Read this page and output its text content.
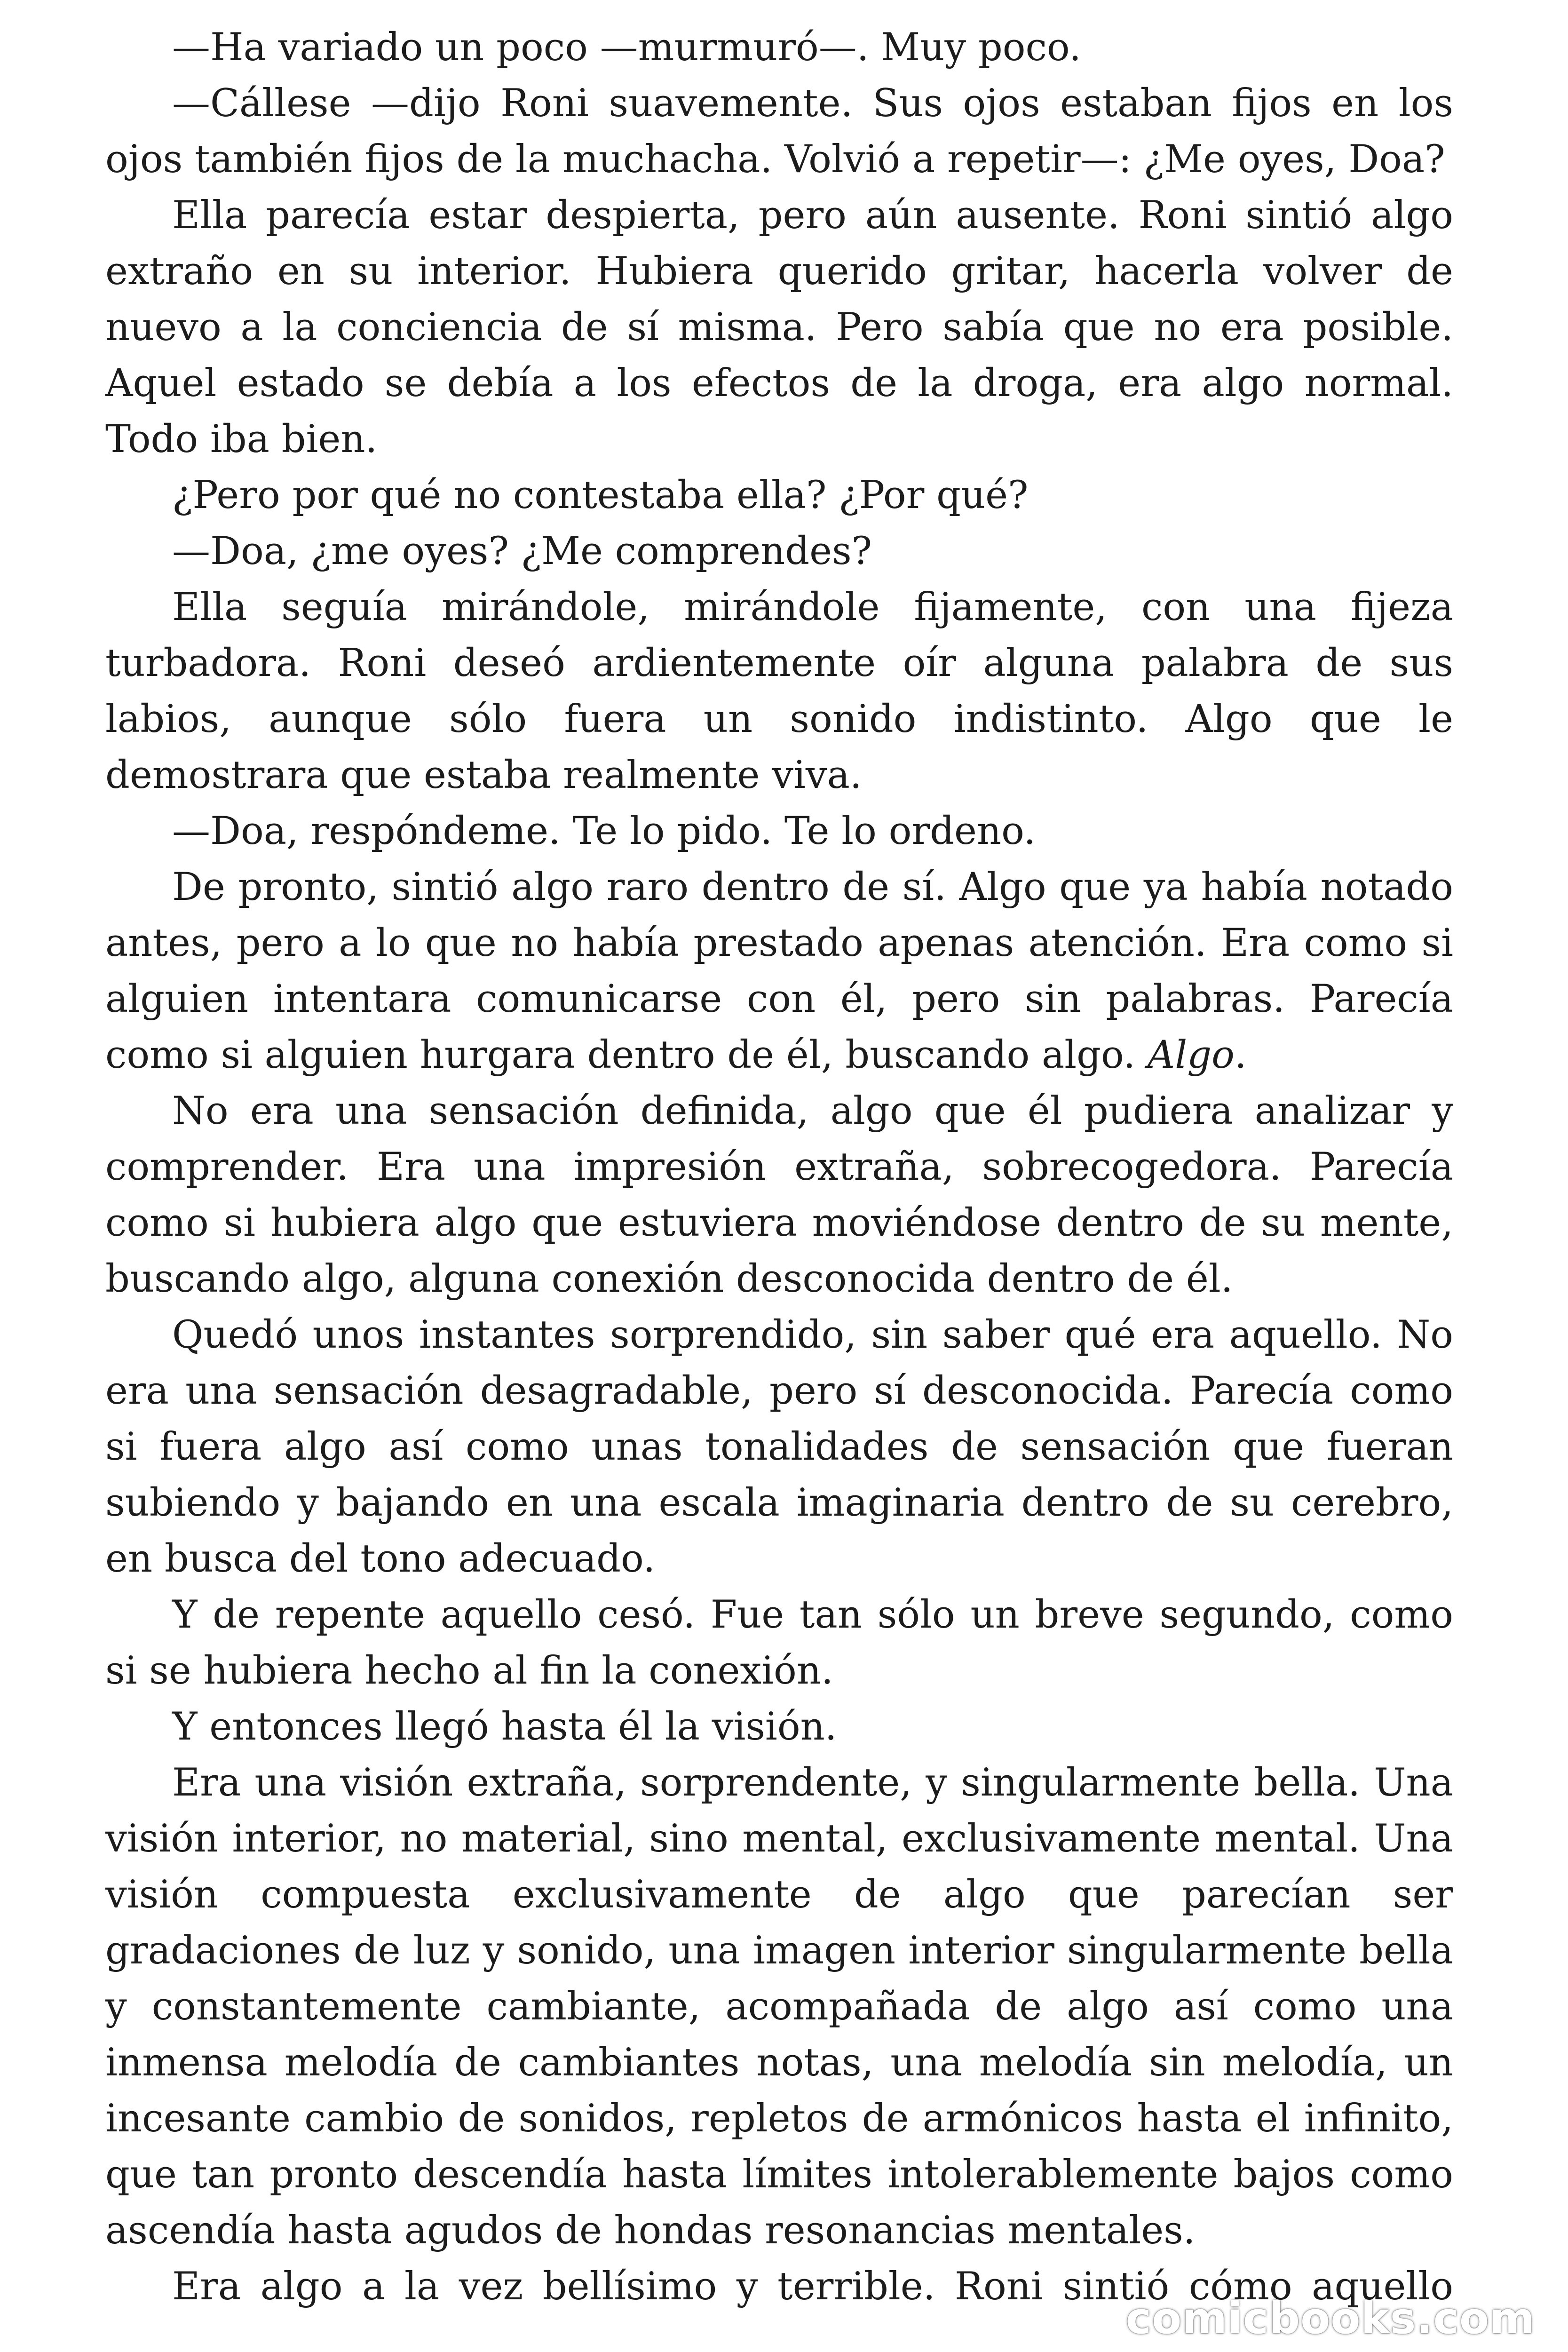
—Ha variado un poco —murmuró—. Muy poco.

—Cállese —dijo Roni suavemente. Sus ojos estaban fijos en los ojos también fijos de la muchacha. Volvió a repetir—: ¿Me oyes, Doa?

Ella parecía estar despierta, pero aún ausente. Roni sintió algo extraño en su interior. Hubiera querido gritar, hacerla volver de nuevo a la conciencia de sí misma. Pero sabía que no era posible. Aquel estado se debía a los efectos de la droga, era algo normal. Todo iba bien.

¿Pero por qué no contestaba ella? ¿Por qué?

—Doa, ¿me oyes? ¿Me comprendes?

Ella seguía mirándole, mirándole fijamente, con una fijeza turbadora. Roni deseó ardientemente oír alguna palabra de sus labios, aunque sólo fuera un sonido indistinto. Algo que le demostrara que estaba realmente viva.

—Doa, respóndeme. Te lo pido. Te lo ordeno.

De pronto, sintió algo raro dentro de sí. Algo que ya había notado antes, pero a lo que no había prestado apenas atención. Era como si alguien intentara comunicarse con él, pero sin palabras. Parecía como si alguien hurgara dentro de él, buscando algo. Algo.

No era una sensación definida, algo que él pudiera analizar y comprender. Era una impresión extraña, sobrecogedora. Parecía como si hubiera algo que estuviera moviéndose dentro de su mente, buscando algo, alguna conexión desconocida dentro de él.

Quedó unos instantes sorprendido, sin saber qué era aquello. No era una sensación desagradable, pero sí desconocida. Parecía como si fuera algo así como unas tonalidades de sensación que fueran subiendo y bajando en una escala imaginaria dentro de su cerebro, en busca del tono adecuado.

Y de repente aquello cesó. Fue tan sólo un breve segundo, como si se hubiera hecho al fin la conexión.

Y entonces llegó hasta él la visión.

Era una visión extraña, sorprendente, y singularmente bella. Una visión interior, no material, sino mental, exclusivamente mental. Una visión compuesta exclusivamente de algo que parecían ser gradaciones de luz y sonido, una imagen interior singularmente bella y constantemente cambiante, acompañada de algo así como una inmensa melodía de cambiantes notas, una melodía sin melodía, un incesante cambio de sonidos, repletos de armónicos hasta el infinito, que tan pronto descendía hasta límites intolerablemente bajos como ascendía hasta agudos de hondas resonancias mentales.

Era algo a la vez bellísimo y terrible. Roni sintió cómo aquello

comicbooks.com
